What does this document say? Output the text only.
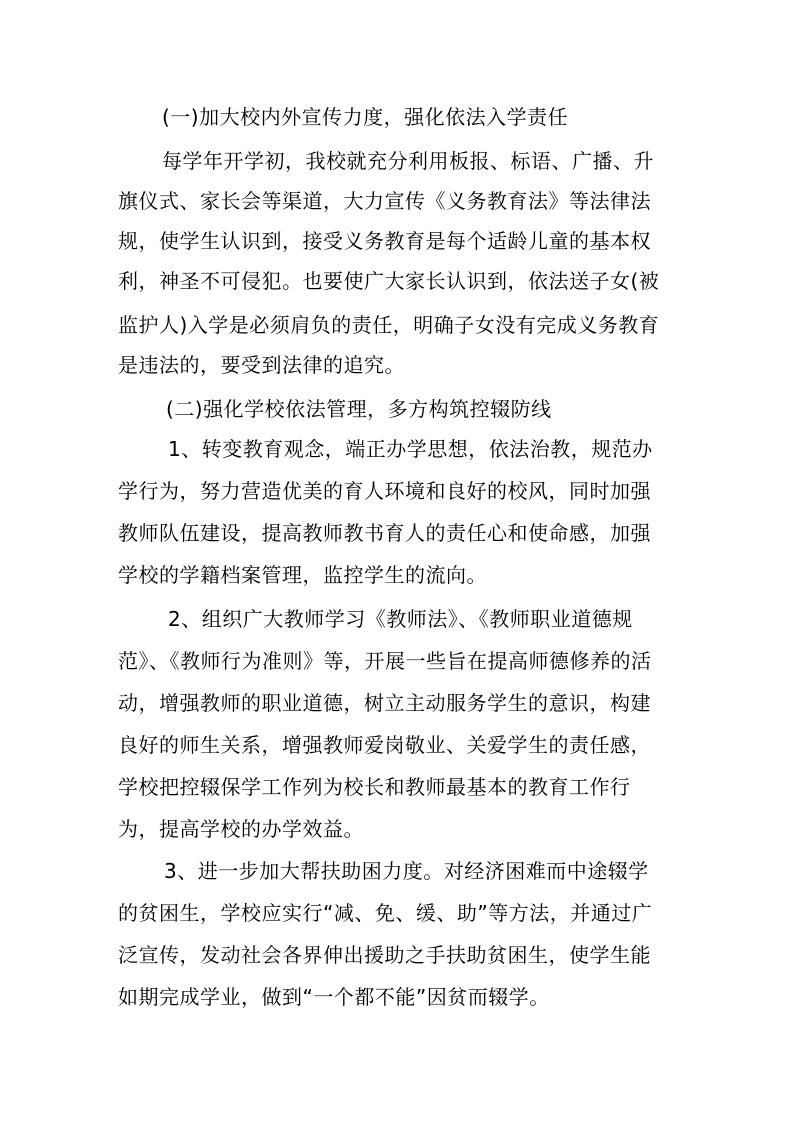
(一)加大校内外宣传力度，强化依法入学责任
每学年开学初，我校就充分利用板报、标语、广播、升
旗仪式、家长会等渠道，大力宣传《义务教育法》等法律法
规，使学生认识到，接受义务教育是每个适龄儿童的基本权
利，神圣不可侵犯。也要使广大家长认识到，依法送子女(被
监护人)入学是必须肩负的责任，明确子女没有完成义务教育
是违法的，要受到法律的追究。
(二)强化学校依法管理，多方构筑控辍防线
1、转变教育观念，端正办学思想，依法治教，规范办
学行为，努力营造优美的育人环境和良好的校风，同时加强
教师队伍建设，提高教师教书育人的责任心和使命感，加强
学校的学籍档案管理，监控学生的流向。
2、组织广大教师学习《教师法》、《教师职业道德规
范》、《教师行为准则》等，开展一些旨在提高师德修养的活
动，增强教师的职业道德，树立主动服务学生的意识，构建
良好的师生关系，增强教师爱岗敬业、关爱学生的责任感，
学校把控辍保学工作列为校长和教师最基本的教育工作行
为，提高学校的办学效益。
3、进一步加大帮扶助困力度。对经济困难而中途辍学
的贫困生，学校应实行“减、免、缓、助”等方法，并通过广
泛宣传，发动社会各界伸出援助之手扶助贫困生，使学生能
如期完成学业，做到“一个都不能”因贫而辍学。
